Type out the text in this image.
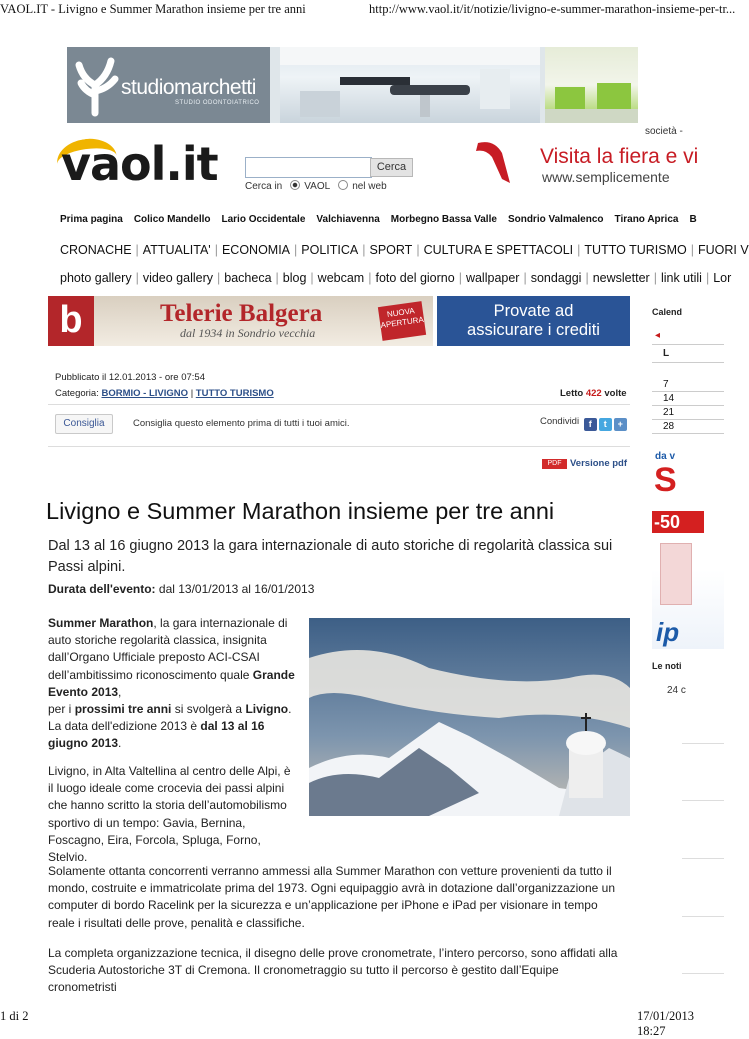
VAOL.IT - Livigno e Summer Marathon insieme per tre anni	http://www.vaol.it/it/notizie/livigno-e-summer-marathon-insieme-per-tr...
1 di 2	17/01/2013 18:27
studiomarchetti
STUDIO ODONTOIATRICO
società -
vaol.it	Cerca
Cerca in VAOL nel web
Visita la fiera e vi
www.semplicemente
Prima pagina Colico Mandello Lario Occidentale Valchiavenna Morbegno Bassa Valle Sondrio Valmalenco Tirano Aprica B
CRONACHE | ATTUALITA' | ECONOMIA | POLITICA | SPORT | CULTURA E SPETTACOLI | TUTTO TURISMO | FUORI V
photo gallery | video gallery | bacheca | blog | webcam | foto del giorno | wallpaper | sondaggi | newsletter | link utili | Lor
b	Telerie Balgera
dal 1934 in Sondrio vecchia
NUOVA APERTURA
Provate ad
assicurare i crediti
Pubblicato il 12.01.2013 - ore 07:54
Categoria: BORMIO - LIVIGNO | TUTTO TURISMO	Letto 422 volte
Consiglia	Consiglia questo elemento prima di tutti i tuoi amici.	Condividi f t +
PDF Versione pdf
Livigno e Summer Marathon insieme per tre anni
Dal 13 al 16 giugno 2013 la gara internazionale di auto storiche di regolarità classica sui Passi alpini.
Durata dell'evento: dal 13/01/2013 al 16/01/2013
Summer Marathon, la gara internazionale di auto storiche regolarità classica, insignita dall’Organo Ufficiale preposto ACI-CSAI dell’ambitissimo riconoscimento quale Grande Evento 2013,
per i prossimi tre anni si svolgerà a Livigno.
La data dell'edizione 2013 è dal 13 al 16 giugno 2013.
Livigno, in Alta Valtellina al centro delle Alpi, è il luogo ideale come crocevia dei passi alpini che hanno scritto la storia dell’automobilismo sportivo di un tempo: Gavia, Bernina, Foscagno, Eira, Forcola, Spluga, Forno, Stelvio.
Solamente ottanta concorrenti verranno ammessi alla Summer Marathon con vetture provenienti da tutto il mondo, costruite e immatricolate prima del 1973. Ogni equipaggio avrà in dotazione dall’organizzazione un computer di bordo Racelink per la sicurezza e un’applicazione per iPhone e iPad per visionare in tempo reale i risultati delle prove, penalità e classifiche.
La completa organizzazione tecnica, il disegno delle prove cronometrate, l’intero percorso, sono affidati alla Scuderia Autostoriche 3T di Cremona. Il cronometraggio su tutto il percorso è gestito dall’Equipe cronometristi
Calend
◂
L
7
14
21
28
da v
S
-50
ip
Le noti
24 c
